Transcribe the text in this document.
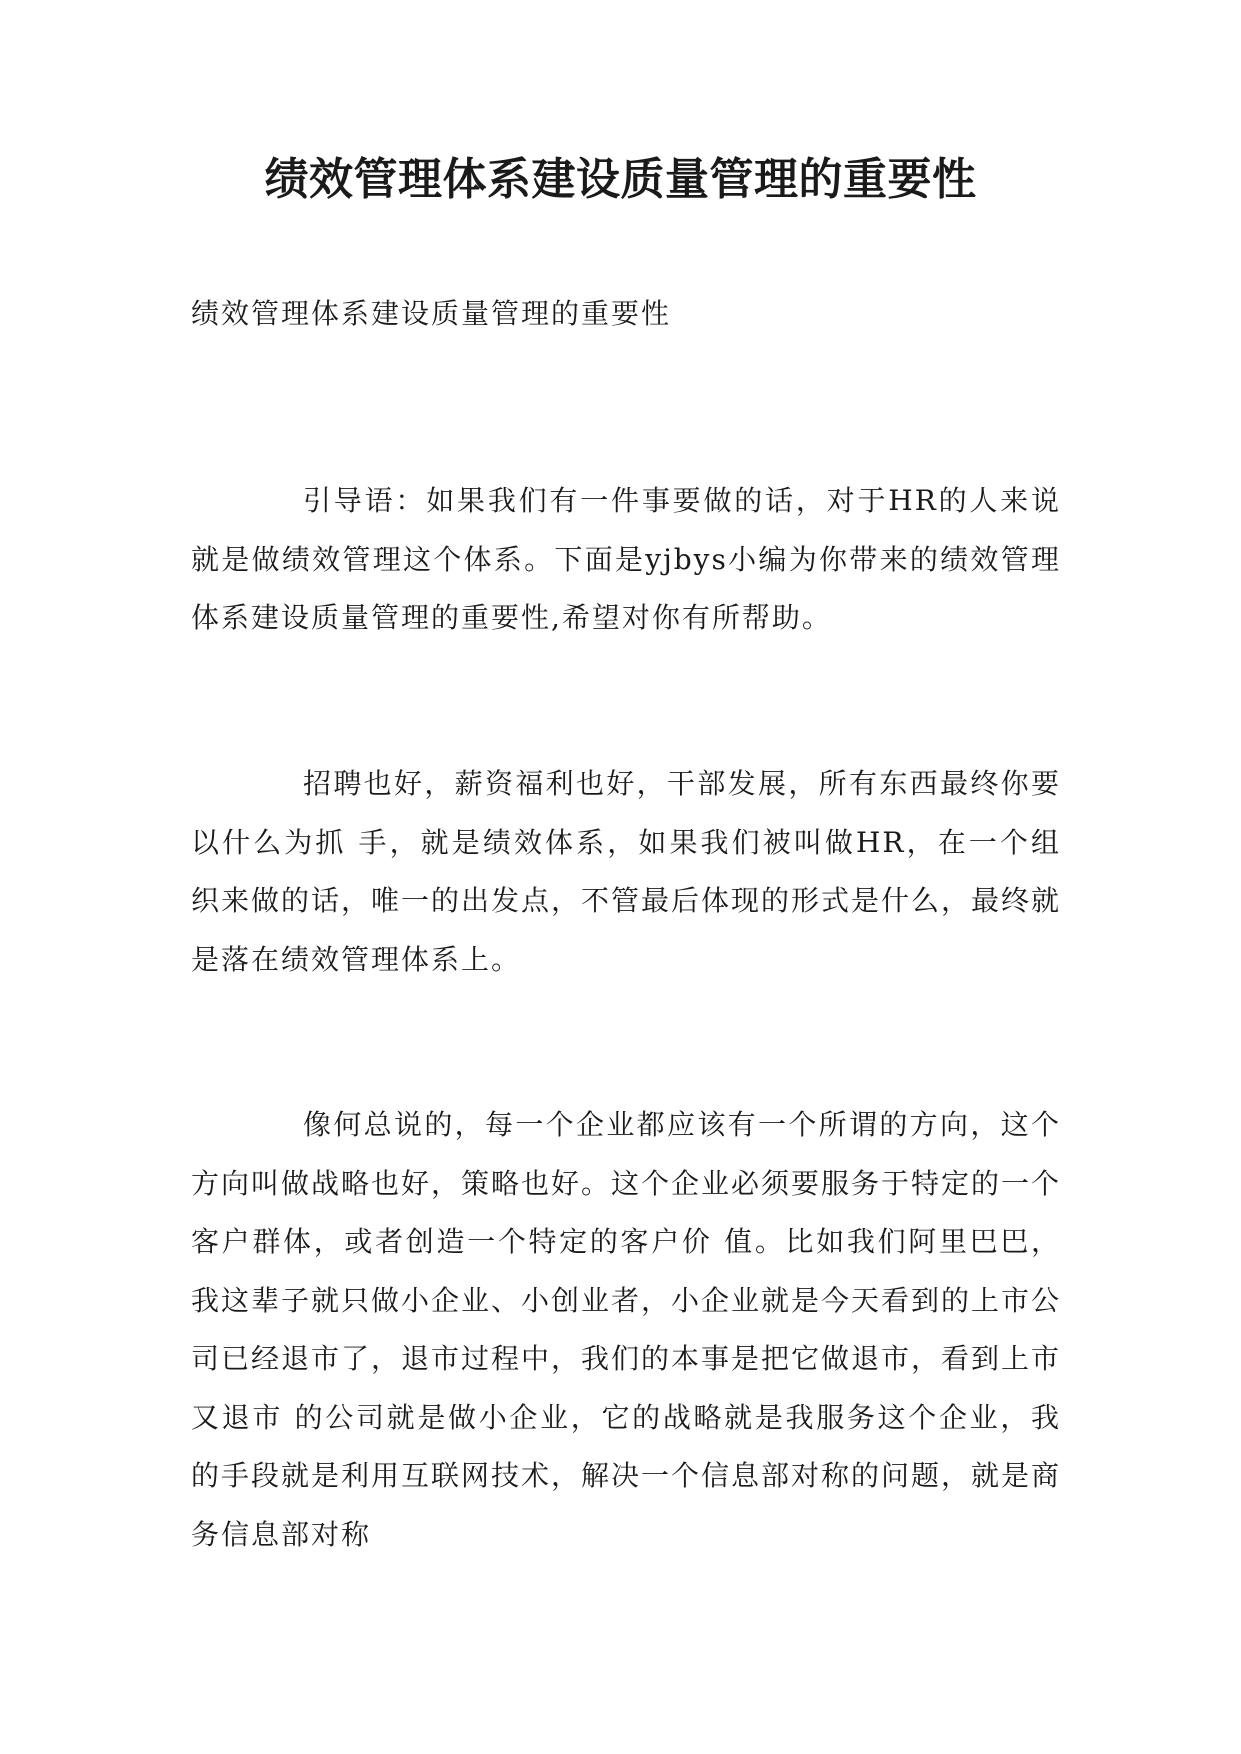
绩效管理体系建设质量管理的重要性
绩效管理体系建设质量管理的重要性

引导语：如果我们有一件事要做的话，对于HR的人来说就是做绩效管理这个体系。下面是yjbys小编为你带来的绩效管理体系建设质量管理的重要性,希望对你有所帮助。

招聘也好，薪资福利也好，干部发展，所有东西最终你要以什么为抓 手，就是绩效体系，如果我们被叫做HR，在一个组织来做的话，唯一的出发点，不管最后体现的形式是什么，最终就是落在绩效管理体系上。

像何总说的，每一个企业都应该有一个所谓的方向，这个方向叫做战略也好，策略也好。这个企业必须要服务于特定的一个客户群体，或者创造一个特定的客户价 值。比如我们阿里巴巴，我这辈子就只做小企业、小创业者，小企业就是今天看到的上市公司已经退市了，退市过程中，我们的本事是把它做退市，看到上市又退市 的公司就是做小企业，它的战略就是我服务这个企业，我的手段就是利用互联网技术，解决一个信息部对称的问题，就是商务信息部对称
